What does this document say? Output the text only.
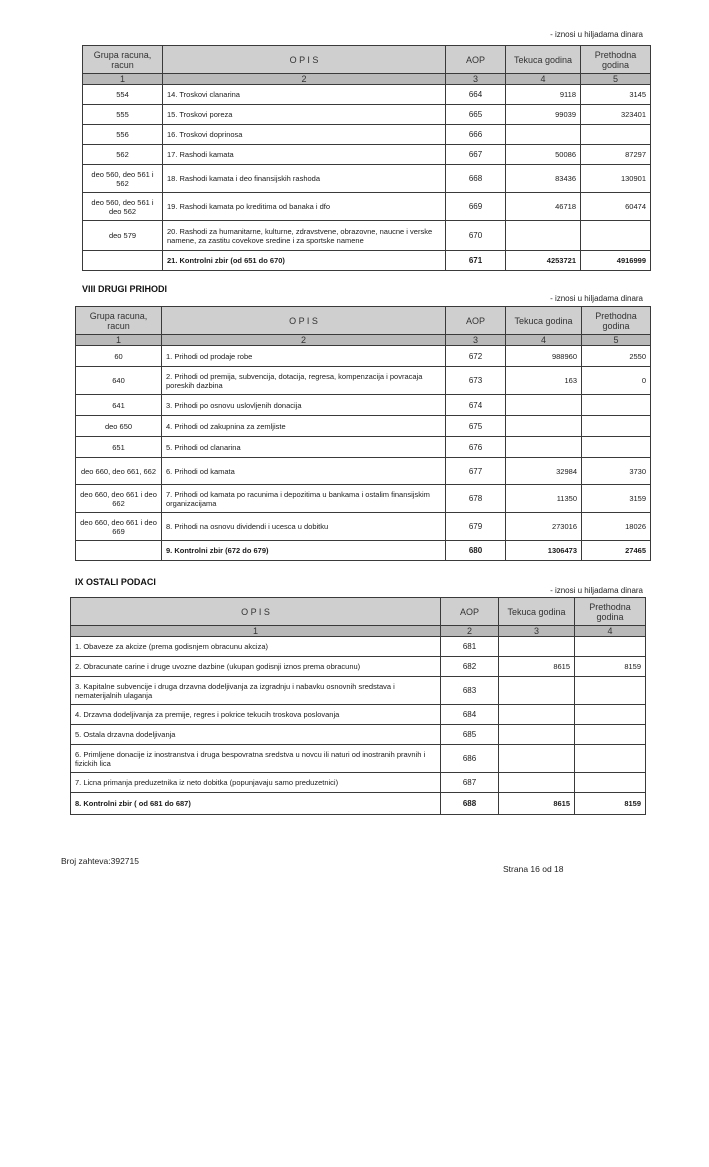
- iznosi u hiljadama dinara
Grupa racuna, racun	O P I S	AOP	Tekuca godina	Prethodna godina
1	2	3	4	5
554	14. Troskovi clanarina	664	9118	3145
555	15. Troskovi poreza	665	99039	323401
556	16. Troskovi doprinosa	666		
562	17. Rashodi kamata	667	50086	87297
deo 560, deo 561 i 562	18. Rashodi kamata i deo finansijskih rashoda	668	83436	130901
deo 560, deo 561 i deo 562	19. Rashodi kamata po kreditima od banaka i dfo	669	46718	60474
deo 579	20. Rashodi za humanitarne, kulturne, zdravstvene, obrazovne, naucne i verske namene, za zastitu covekove sredine i za sportske namene	670		
	21. Kontrolni zbir (od 651 do 670)	671	4253721	4916999
VIII DRUGI PRIHODI
- iznosi u hiljadama dinara
Grupa racuna, racun	O P I S	AOP	Tekuca godina	Prethodna godina
1	2	3	4	5
60	1. Prihodi od prodaje robe	672	988960	2550
640	2. Prihodi od premija, subvencija, dotacija, regresa, kompenzacija i povracaja poreskih dazbina	673	163	0
641	3. Prihodi po osnovu uslovljenih donacija	674		
deo 650	4. Prihodi od zakupnina za zemljiste	675		
651	5. Prihodi od clanarina	676		
deo 660, deo 661, 662	6. Prihodi od kamata	677	32984	3730
deo 660, deo 661 i deo 662	7. Prihodi od kamata po racunima i depozitima u bankama i ostalim finansijskim organizacijama	678	11350	3159
deo 660, deo 661 i deo 669	8. Prihodi na osnovu dividendi i ucesca u dobitku	679	273016	18026
	9. Kontrolni zbir (672 do 679)	680	1306473	27465
IX OSTALI PODACI
- iznosi u hiljadama dinara
O P I S	AOP	Tekuca godina	Prethodna godina
1	2	3	4
1. Obaveze za akcize (prema godisnjem obracunu akciza)	681		
2. Obracunate carine i druge uvozne dazbine (ukupan godisnji iznos prema obracunu)	682	8615	8159
3. Kapitalne subvencije i druga drzavna dodeljivanja za izgradnju i nabavku osnovnih sredstava i nematerijalnih ulaganja	683		
4. Drzavna dodeljivanja za premije, regres i pokrice tekucih troskova poslovanja	684		
5. Ostala drzavna dodeljivanja	685		
6. Primljene donacije iz inostranstva i druga bespovratna sredstva u novcu ili naturi od inostranih pravnih i fizickih lica	686		
7. Licna primanja preduzetnika iz neto dobitka (popunjavaju samo preduzetnici)	687		
8. Kontrolni zbir ( od 681 do 687)	688	8615	8159
Broj zahteva:392715
Strana 16 od 18
